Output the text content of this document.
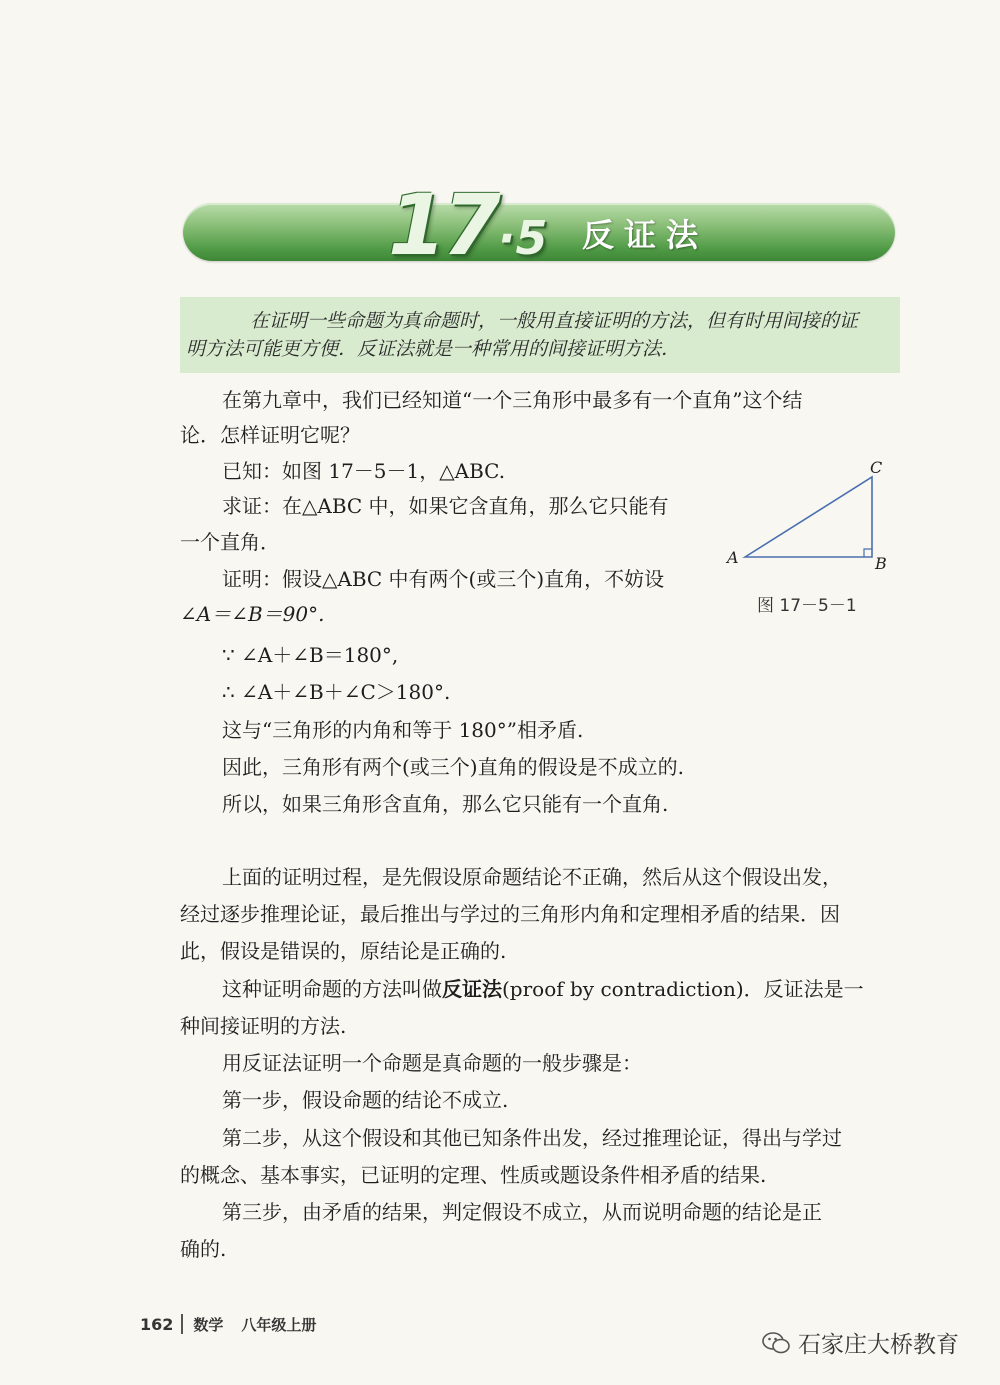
17 ·5 反证法

在证明一些命题为真命题时，一般用直接证明的方法，但有时用间接的证明方法可能更方便．反证法就是一种常用的间接证明方法．

在第九章中，我们已经知道“一个三角形中最多有一个直角”这个结
论．怎样证明它呢？
已知：如图 17－5－1，△ABC.
求证：在△ABC 中，如果它含直角，那么它只能有
一个直角．
证明：假设△ABC 中有两个(或三个)直角，不妨设
∠A＝∠B＝90°.
∵ ∠A＋∠B＝180°,
∴ ∠A＋∠B＋∠C＞180°.
这与“三角形的内角和等于 180°”相矛盾.
因此，三角形有两个(或三个)直角的假设是不成立的.
所以，如果三角形含直角，那么它只能有一个直角.
上面的证明过程，是先假设原命题结论不正确，然后从这个假设出发，
经过逐步推理论证，最后推出与学过的三角形内角和定理相矛盾的结果．因
此，假设是错误的，原结论是正确的.
这种证明命题的方法叫做反证法(proof by contradiction)．反证法是一
种间接证明的方法.
用反证法证明一个命题是真命题的一般步骤是：
第一步，假设命题的结论不成立.
第二步，从这个假设和其他已知条件出发，经过推理论证，得出与学过
的概念、基本事实，已证明的定理、性质或题设条件相矛盾的结果.
第三步，由矛盾的结果，判定假设不成立，从而说明命题的结论是正
确的.
A	B
C
图 17－5－1
162 数学 八年级上册
石家庄大桥教育
